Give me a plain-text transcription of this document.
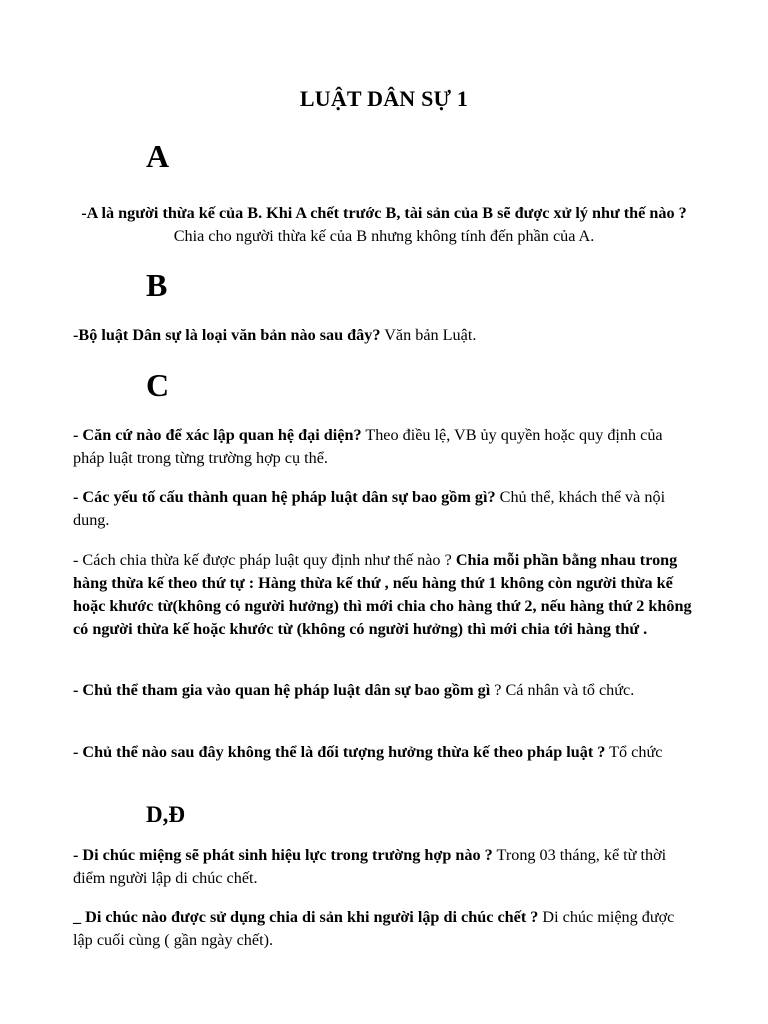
LUẬT DÂN SỰ 1
A
-A là người thừa kế của B. Khi A chết trước B, tài sản của B sẽ được xử lý như thế nào ?Chia cho người thừa kế của B nhưng không tính đến phần của A.
B
-Bộ luật Dân sự là loại văn bản nào sau đây? Văn bản Luật.
C
- Căn cứ nào để xác lập quan hệ đại diện? Theo điều lệ, VB ủy quyền hoặc quy định của pháp luật trong từng trường hợp cụ thể.
- Các yếu tố cấu thành quan hệ pháp luật dân sự bao gồm gì? Chủ thể, khách thể và nội dung.
- Cách chia thừa kế được pháp luật quy định như thế nào ? Chia mỗi phần bằng nhau trong hàng thừa kế theo thứ tự : Hàng thừa kế thứ , nếu hàng thứ 1 không còn người thừa kế hoặc khước từ(không có người hưởng) thì mới chia cho hàng thứ 2, nếu hàng thứ 2 không có người thừa kế hoặc khước từ (không có người hưởng) thì mới chia tới hàng thứ .
- Chủ thể tham gia vào quan hệ pháp luật dân sự bao gồm gì ? Cá nhân và tổ chức.
- Chủ thể nào sau đây không thể là đối tượng hưởng thừa kế theo pháp luật ? Tổ chức
D,Đ
- Di chúc miệng sẽ phát sinh hiệu lực trong trường hợp nào ? Trong 03 tháng, kể từ thời điểm người lập di chúc chết.
_ Di chúc nào được sử dụng chia di sản khi người lập di chúc chết ? Di chúc miệng được lập cuối cùng ( gần ngày chết).
